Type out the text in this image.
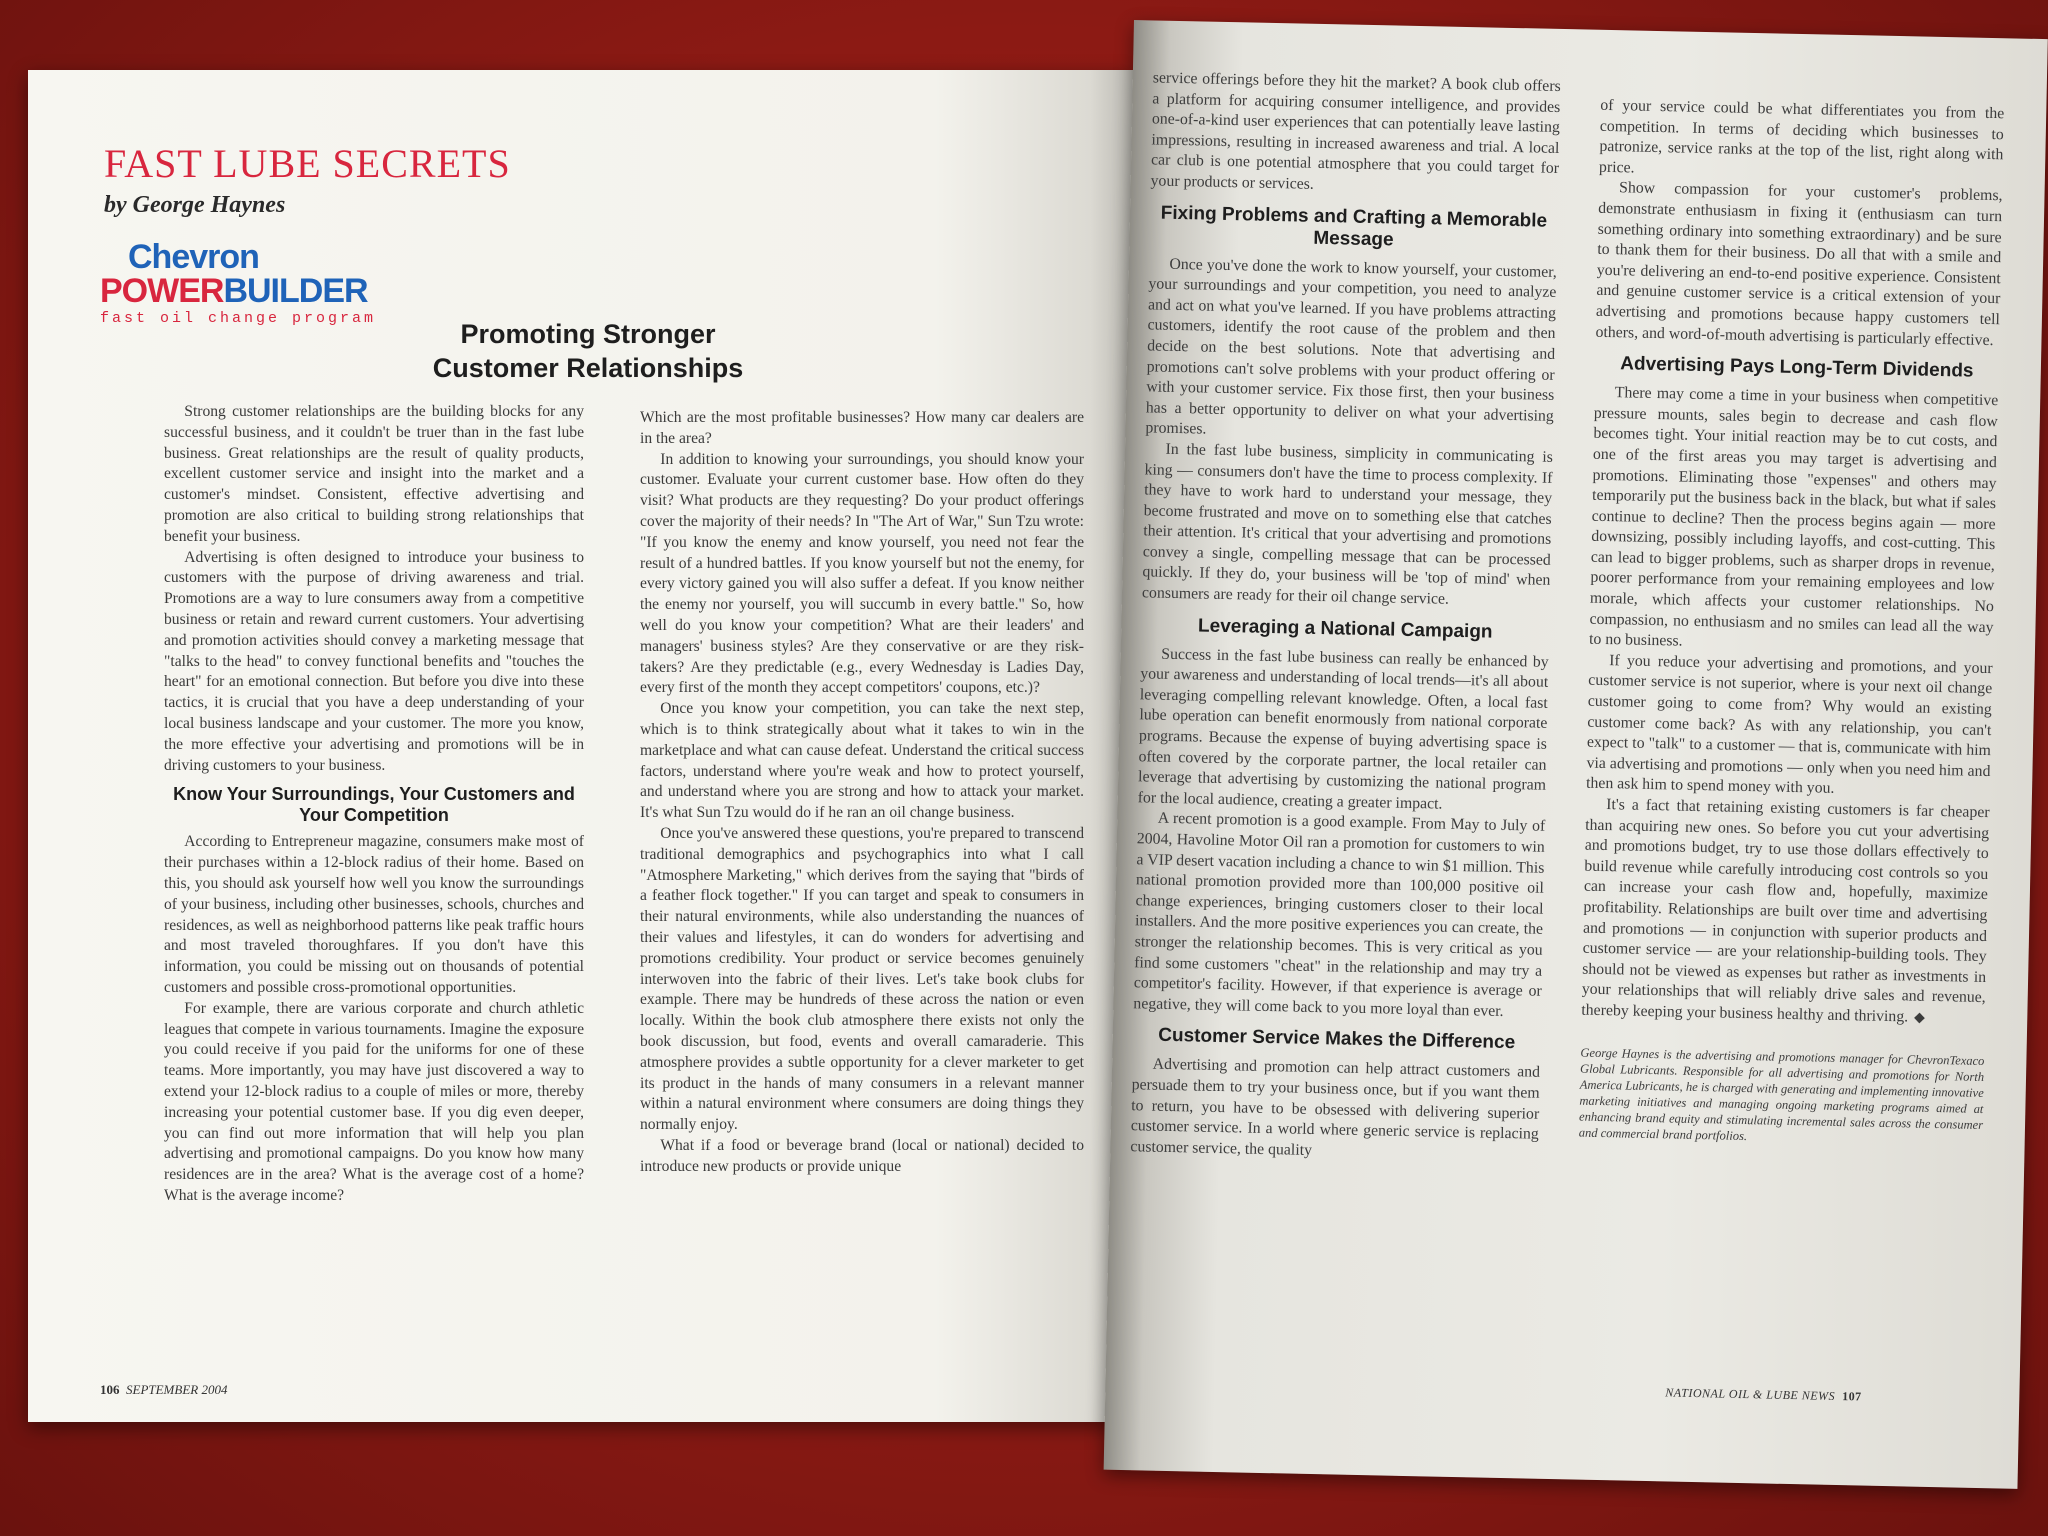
FAST LUBE SECRETS
by George Haynes
Chevron
POWERBUILDER
fast oil change program
Promoting Stronger
Customer Relationships

Strong customer relationships are the building blocks for any successful business, and it couldn't be truer than in the fast lube business. Great relationships are the result of quality products, excellent customer service and insight into the market and a customer's mindset. Consistent, effective advertising and promotion are also critical to building strong relationships that benefit your business.

Advertising is often designed to introduce your business to customers with the purpose of driving awareness and trial. Promotions are a way to lure consumers away from a competitive business or retain and reward current customers. Your advertising and promotion activities should convey a marketing message that "talks to the head" to convey functional benefits and "touches the heart" for an emotional connection. But before you dive into these tactics, it is crucial that you have a deep understanding of your local business landscape and your customer. The more you know, the more effective your advertising and promotions will be in driving customers to your business.

Know Your Surroundings, Your Customers and Your Competition

According to Entrepreneur magazine, consumers make most of their purchases within a 12-block radius of their home. Based on this, you should ask yourself how well you know the surroundings of your business, including other businesses, schools, churches and residences, as well as neighborhood patterns like peak traffic hours and most traveled thoroughfares. If you don't have this information, you could be missing out on thousands of potential customers and possible cross-promotional opportunities.

For example, there are various corporate and church athletic leagues that compete in various tournaments. Imagine the exposure you could receive if you paid for the uniforms for one of these teams. More importantly, you may have just discovered a way to extend your 12-block radius to a couple of miles or more, thereby increasing your potential customer base. If you dig even deeper, you can find out more information that will help you plan advertising and promotional campaigns. Do you know how many residences are in the area? What is the average cost of a home? What is the average income?

Which are the most profitable businesses? How many car dealers are in the area?

In addition to knowing your surroundings, you should know your customer. Evaluate your current customer base. How often do they visit? What products are they requesting? Do your product offerings cover the majority of their needs? In "The Art of War," Sun Tzu wrote: "If you know the enemy and know yourself, you need not fear the result of a hundred battles. If you know yourself but not the enemy, for every victory gained you will also suffer a defeat. If you know neither the enemy nor yourself, you will succumb in every battle." So, how well do you know your competition? What are their leaders' and managers' business styles? Are they conservative or are they risk-takers? Are they predictable (e.g., every Wednesday is Ladies Day, every first of the month they accept competitors' coupons, etc.)?

Once you know your competition, you can take the next step, which is to think strategically about what it takes to win in the marketplace and what can cause defeat. Understand the critical success factors, understand where you're weak and how to protect yourself, and understand where you are strong and how to attack your market. It's what Sun Tzu would do if he ran an oil change business.

Once you've answered these questions, you're prepared to transcend traditional demographics and psychographics into what I call "Atmosphere Marketing," which derives from the saying that "birds of a feather flock together." If you can target and speak to consumers in their natural environments, while also understanding the nuances of their values and lifestyles, it can do wonders for advertising and promotions credibility. Your product or service becomes genuinely interwoven into the fabric of their lives. Let's take book clubs for example. There may be hundreds of these across the nation or even locally. Within the book club atmosphere there exists not only the book discussion, but food, events and overall camaraderie. This atmosphere provides a subtle opportunity for a clever marketer to get its product in the hands of many consumers in a relevant manner within a natural environment where consumers are doing things they normally enjoy.

What if a food or beverage brand (local or national) decided to introduce new products or provide unique

106 SEPTEMBER 2004

service offerings before they hit the market? A book club offers a platform for acquiring consumer intelligence, and provides one-of-a-kind user experiences that can potentially leave lasting impressions, resulting in increased awareness and trial. A local car club is one potential atmosphere that you could target for your products or services.

Fixing Problems and Crafting a Memorable Message

Once you've done the work to know yourself, your customer, your surroundings and your competition, you need to analyze and act on what you've learned. If you have problems attracting customers, identify the root cause of the problem and then decide on the best solutions. Note that advertising and promotions can't solve problems with your product offering or with your customer service. Fix those first, then your business has a better opportunity to deliver on what your advertising promises.

In the fast lube business, simplicity in communicating is king — consumers don't have the time to process complexity. If they have to work hard to understand your message, they become frustrated and move on to something else that catches their attention. It's critical that your advertising and promotions convey a single, compelling message that can be processed quickly. If they do, your business will be 'top of mind' when consumers are ready for their oil change service.

Leveraging a National Campaign

Success in the fast lube business can really be enhanced by your awareness and understanding of local trends—it's all about leveraging compelling relevant knowledge. Often, a local fast lube operation can benefit enormously from national corporate programs. Because the expense of buying advertising space is often covered by the corporate partner, the local retailer can leverage that advertising by customizing the national program for the local audience, creating a greater impact.

A recent promotion is a good example. From May to July of 2004, Havoline Motor Oil ran a promotion for customers to win a VIP desert vacation including a chance to win $1 million. This national promotion provided more than 100,000 positive oil change experiences, bringing customers closer to their local installers. And the more positive experiences you can create, the stronger the relationship becomes. This is very critical as you find some customers "cheat" in the relationship and may try a competitor's facility. However, if that experience is average or negative, they will come back to you more loyal than ever.

Customer Service Makes the Difference

Advertising and promotion can help attract customers and persuade them to try your business once, but if you want them to return, you have to be obsessed with delivering superior customer service. In a world where generic service is replacing customer service, the quality

of your service could be what differentiates you from the competition. In terms of deciding which businesses to patronize, service ranks at the top of the list, right along with price.

Show compassion for your customer's problems, demonstrate enthusiasm in fixing it (enthusiasm can turn something ordinary into something extraordinary) and be sure to thank them for their business. Do all that with a smile and you're delivering an end-to-end positive experience. Consistent and genuine customer service is a critical extension of your advertising and promotions because happy customers tell others, and word-of-mouth advertising is particularly effective.

Advertising Pays Long-Term Dividends

There may come a time in your business when competitive pressure mounts, sales begin to decrease and cash flow becomes tight. Your initial reaction may be to cut costs, and one of the first areas you may target is advertising and promotions. Eliminating those "expenses" and others may temporarily put the business back in the black, but what if sales continue to decline? Then the process begins again — more downsizing, possibly including layoffs, and cost-cutting. This can lead to bigger problems, such as sharper drops in revenue, poorer performance from your remaining employees and low morale, which affects your customer relationships. No compassion, no enthusiasm and no smiles can lead all the way to no business.

If you reduce your advertising and promotions, and your customer service is not superior, where is your next oil change customer going to come from? Why would an existing customer come back? As with any relationship, you can't expect to "talk" to a customer — that is, communicate with him via advertising and promotions — only when you need him and then ask him to spend money with you.

It's a fact that retaining existing customers is far cheaper than acquiring new ones. So before you cut your advertising and promotions budget, try to use those dollars effectively to build revenue while carefully introducing cost controls so you can increase your cash flow and, hopefully, maximize profitability. Relationships are built over time and advertising and promotions — in conjunction with superior products and customer service — are your relationship-building tools. They should not be viewed as expenses but rather as investments in your relationships that will reliably drive sales and revenue, thereby keeping your business healthy and thriving. ◆

George Haynes is the advertising and promotions manager for ChevronTexaco Global Lubricants. Responsible for all advertising and promotions for North America Lubricants, he is charged with generating and implementing innovative marketing initiatives and managing ongoing marketing programs aimed at enhancing brand equity and stimulating incremental sales across the consumer and commercial brand portfolios.

NATIONAL OIL & LUBE NEWS 107
